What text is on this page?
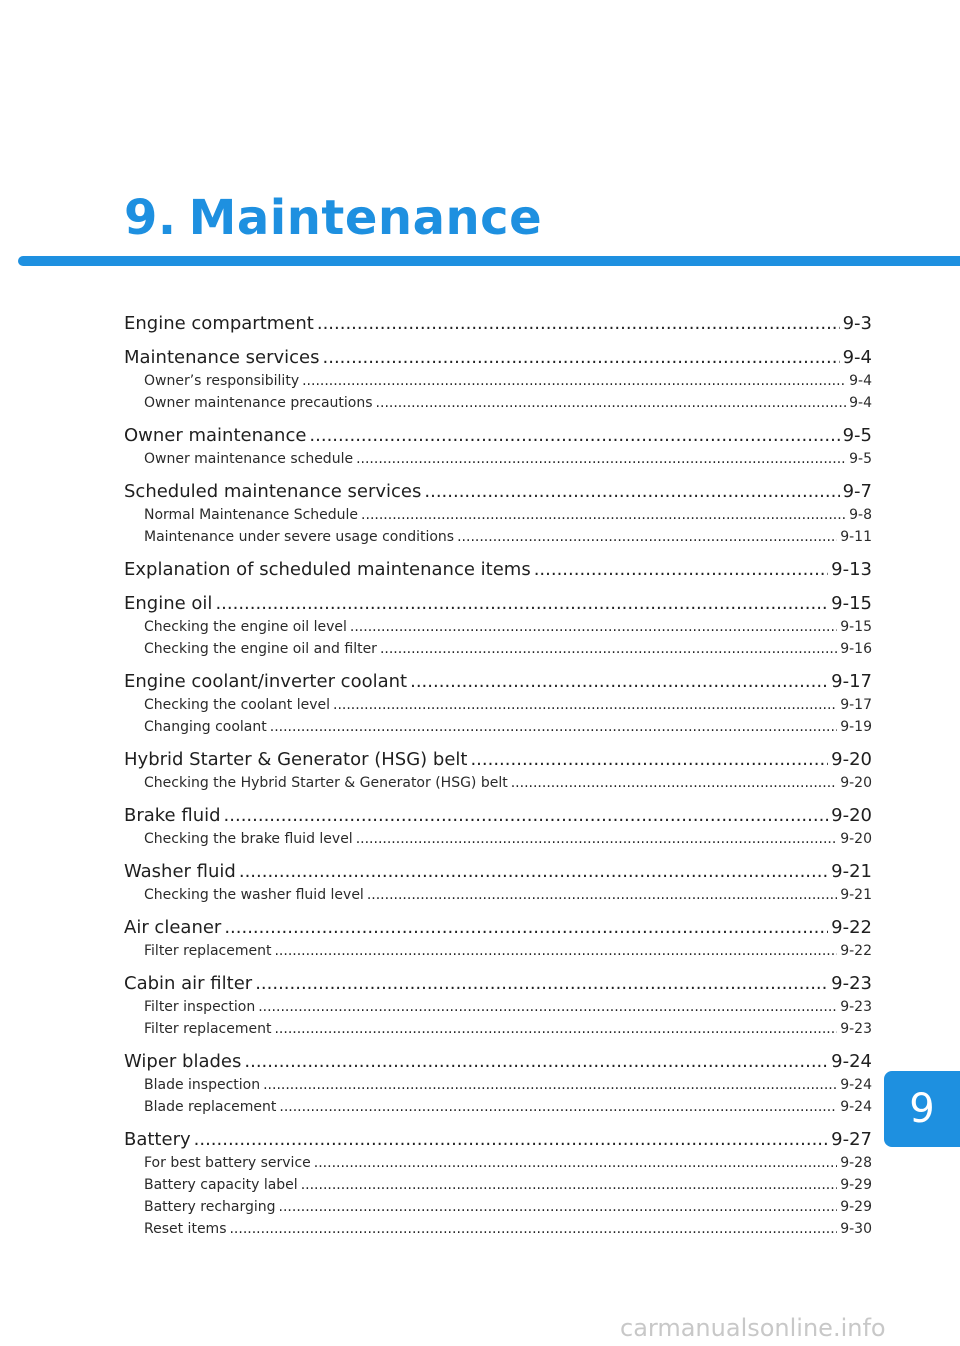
9. Maintenance
Engine compartment .....	9-3
Maintenance services .....	9-4
Owner’s responsibility .....	9-4
Owner maintenance precautions .....	9-4
Owner maintenance .....	9-5
Owner maintenance schedule .....	9-5
Scheduled maintenance services .....	9-7
Normal Maintenance Schedule .....	9-8
Maintenance under severe usage conditions .....	9-11
Explanation of scheduled maintenance items .....	9-13
Engine oil .....	9-15
Checking the engine oil level .....	9-15
Checking the engine oil and filter .....	9-16
Engine coolant/inverter coolant .....	9-17
Checking the coolant level .....	9-17
Changing coolant .....	9-19
Hybrid Starter & Generator (HSG) belt .....	9-20
Checking the Hybrid Starter & Generator (HSG) belt .....	9-20
Brake fluid .....	9-20
Checking the brake fluid level .....	9-20
Washer fluid .....	9-21
Checking the washer fluid level .....	9-21
Air cleaner .....	9-22
Filter replacement .....	9-22
Cabin air filter .....	9-23
Filter inspection .....	9-23
Filter replacement .....	9-23
Wiper blades .....	9-24
Blade inspection .....	9-24
Blade replacement .....	9-24
Battery .....	9-27
For best battery service .....	9-28
Battery capacity label .....	9-29
Battery recharging .....	9-29
Reset items .....	9-30
9
carmanualsonline.info
